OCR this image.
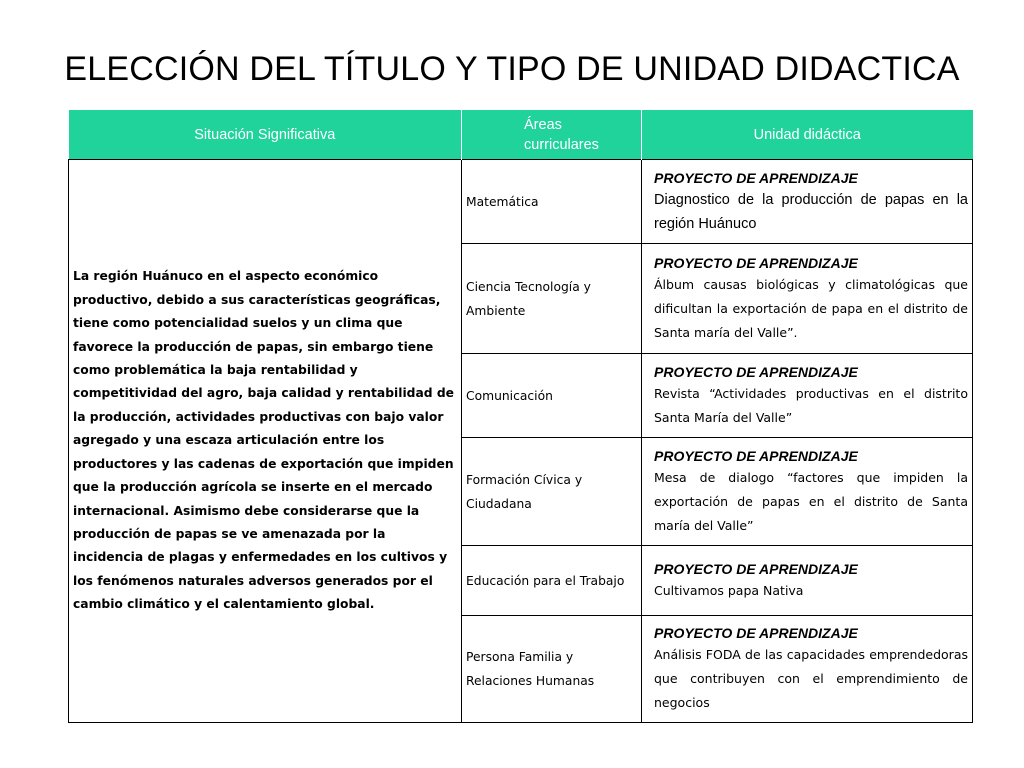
ELECCIÓN DEL TÍTULO Y TIPO DE UNIDAD DIDACTICA
Situación Significativa	Áreas curriculares	Unidad didáctica
La región Huánuco en el aspecto económico productivo, debido a sus características geográficas, tiene como potencialidad suelos y un clima que favorece la producción de papas, sin embargo tiene como problemática la baja rentabilidad y competitividad del agro, baja calidad y rentabilidad de la producción, actividades productivas con bajo valor agregado y una escaza articulación entre los productores y las cadenas de exportación que impiden que la producción agrícola se inserte en el mercado internacional. Asimismo debe considerarse que la producción de papas se ve amenazada por la incidencia de plagas y enfermedades en los cultivos y los fenómenos naturales adversos generados por el cambio climático y el calentamiento global.	Matemática	PROYECTO DE APRENDIZAJE
Diagnostico de la producción de papas en la región Huánuco

	Ciencia Tecnología y Ambiente	PROYECTO DE APRENDIZAJE
Álbum causas biológicas y climatológicas que dificultan la exportación de papa en el distrito de Santa maría del Valle”.

	Comunicación	PROYECTO DE APRENDIZAJE
Revista “Actividades productivas en el distrito Santa María del Valle”

	Formación Cívica y Ciudadana	PROYECTO DE APRENDIZAJE
Mesa de dialogo “factores que impiden la exportación de papas en el distrito de Santa maría del Valle”

	Educación para el Trabajo	PROYECTO DE APRENDIZAJE
Cultivamos papa Nativa

	Persona Familia y Relaciones Humanas	PROYECTO DE APRENDIZAJE
Análisis FODA de las capacidades emprendedoras que contribuyen con el emprendimiento de negocios
